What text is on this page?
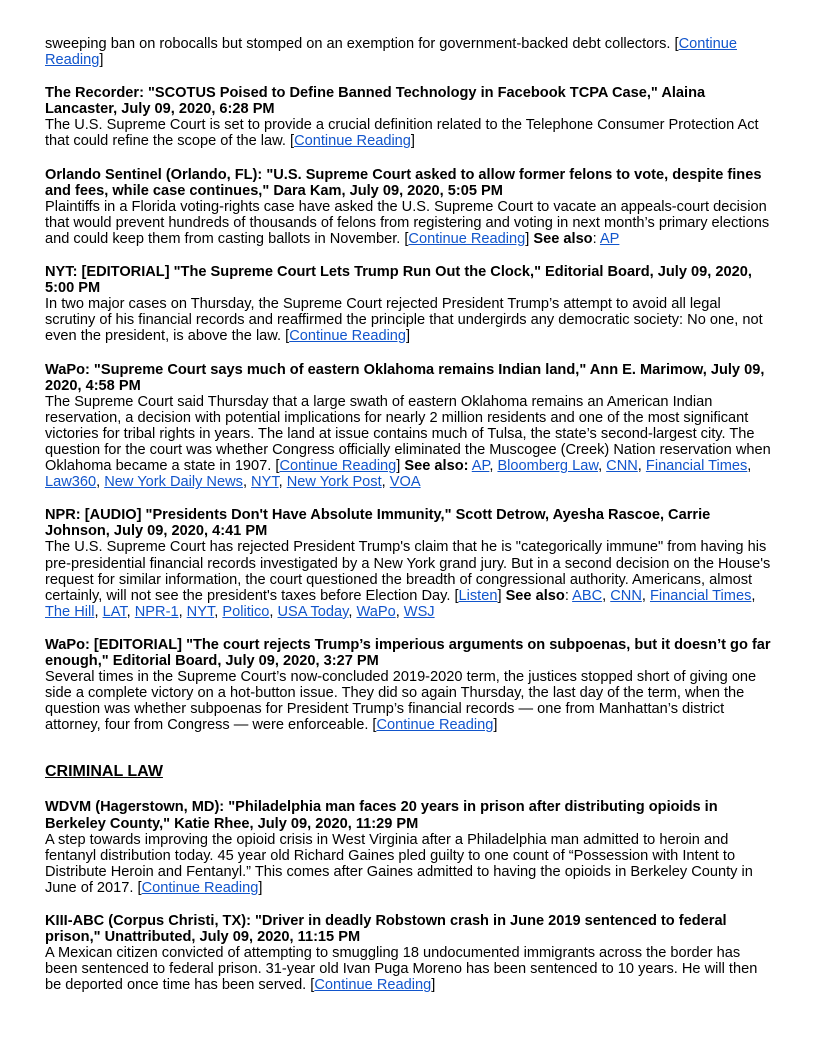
sweeping ban on robocalls but stomped on an exemption for government-backed debt collectors. [Continue Reading]
The Recorder: "SCOTUS Poised to Define Banned Technology in Facebook TCPA Case," Alaina Lancaster, July 09, 2020, 6:28 PM
The U.S. Supreme Court is set to provide a crucial definition related to the Telephone Consumer Protection Act that could refine the scope of the law. [Continue Reading]
Orlando Sentinel (Orlando, FL): "U.S. Supreme Court asked to allow former felons to vote, despite fines and fees, while case continues," Dara Kam, July 09, 2020, 5:05 PM
Plaintiffs in a Florida voting-rights case have asked the U.S. Supreme Court to vacate an appeals-court decision that would prevent hundreds of thousands of felons from registering and voting in next month’s primary elections and could keep them from casting ballots in November. [Continue Reading] See also: AP
NYT: [EDITORIAL] "The Supreme Court Lets Trump Run Out the Clock," Editorial Board, July 09, 2020, 5:00 PM
In two major cases on Thursday, the Supreme Court rejected President Trump’s attempt to avoid all legal scrutiny of his financial records and reaffirmed the principle that undergirds any democratic society: No one, not even the president, is above the law. [Continue Reading]
WaPo: "Supreme Court says much of eastern Oklahoma remains Indian land," Ann E. Marimow, July 09, 2020, 4:58 PM
The Supreme Court said Thursday that a large swath of eastern Oklahoma remains an American Indian reservation, a decision with potential implications for nearly 2 million residents and one of the most significant victories for tribal rights in years. The land at issue contains much of Tulsa, the state’s second-largest city. The question for the court was whether Congress officially eliminated the Muscogee (Creek) Nation reservation when Oklahoma became a state in 1907. [Continue Reading] See also: AP, Bloomberg Law, CNN, Financial Times, Law360, New York Daily News, NYT, New York Post, VOA
NPR: [AUDIO] "Presidents Don't Have Absolute Immunity," Scott Detrow, Ayesha Rascoe, Carrie Johnson, July 09, 2020, 4:41 PM
The U.S. Supreme Court has rejected President Trump's claim that he is "categorically immune" from having his pre-presidential financial records investigated by a New York grand jury. But in a second decision on the House's request for similar information, the court questioned the breadth of congressional authority. Americans, almost certainly, will not see the president's taxes before Election Day. [Listen] See also: ABC, CNN, Financial Times, The Hill, LAT, NPR-1, NYT, Politico, USA Today, WaPo, WSJ
WaPo: [EDITORIAL] "The court rejects Trump’s imperious arguments on subpoenas, but it doesn’t go far enough," Editorial Board, July 09, 2020, 3:27 PM
Several times in the Supreme Court’s now-concluded 2019-2020 term, the justices stopped short of giving one side a complete victory on a hot-button issue. They did so again Thursday, the last day of the term, when the question was whether subpoenas for President Trump’s financial records — one from Manhattan’s district attorney, four from Congress — were enforceable. [Continue Reading]
CRIMINAL LAW
WDVM (Hagerstown, MD): "Philadelphia man faces 20 years in prison after distributing opioids in Berkeley County," Katie Rhee, July 09, 2020, 11:29 PM
A step towards improving the opioid crisis in West Virginia after a Philadelphia man admitted to heroin and fentanyl distribution today. 45 year old Richard Gaines pled guilty to one count of “Possession with Intent to Distribute Heroin and Fentanyl.” This comes after Gaines admitted to having the opioids in Berkeley County in June of 2017. [Continue Reading]
KIII-ABC (Corpus Christi, TX): "Driver in deadly Robstown crash in June 2019 sentenced to federal prison," Unattributed, July 09, 2020, 11:15 PM
A Mexican citizen convicted of attempting to smuggling 18 undocumented immigrants across the border has been sentenced to federal prison. 31-year old Ivan Puga Moreno has been sentenced to 10 years. He will then be deported once time has been served. [Continue Reading]
